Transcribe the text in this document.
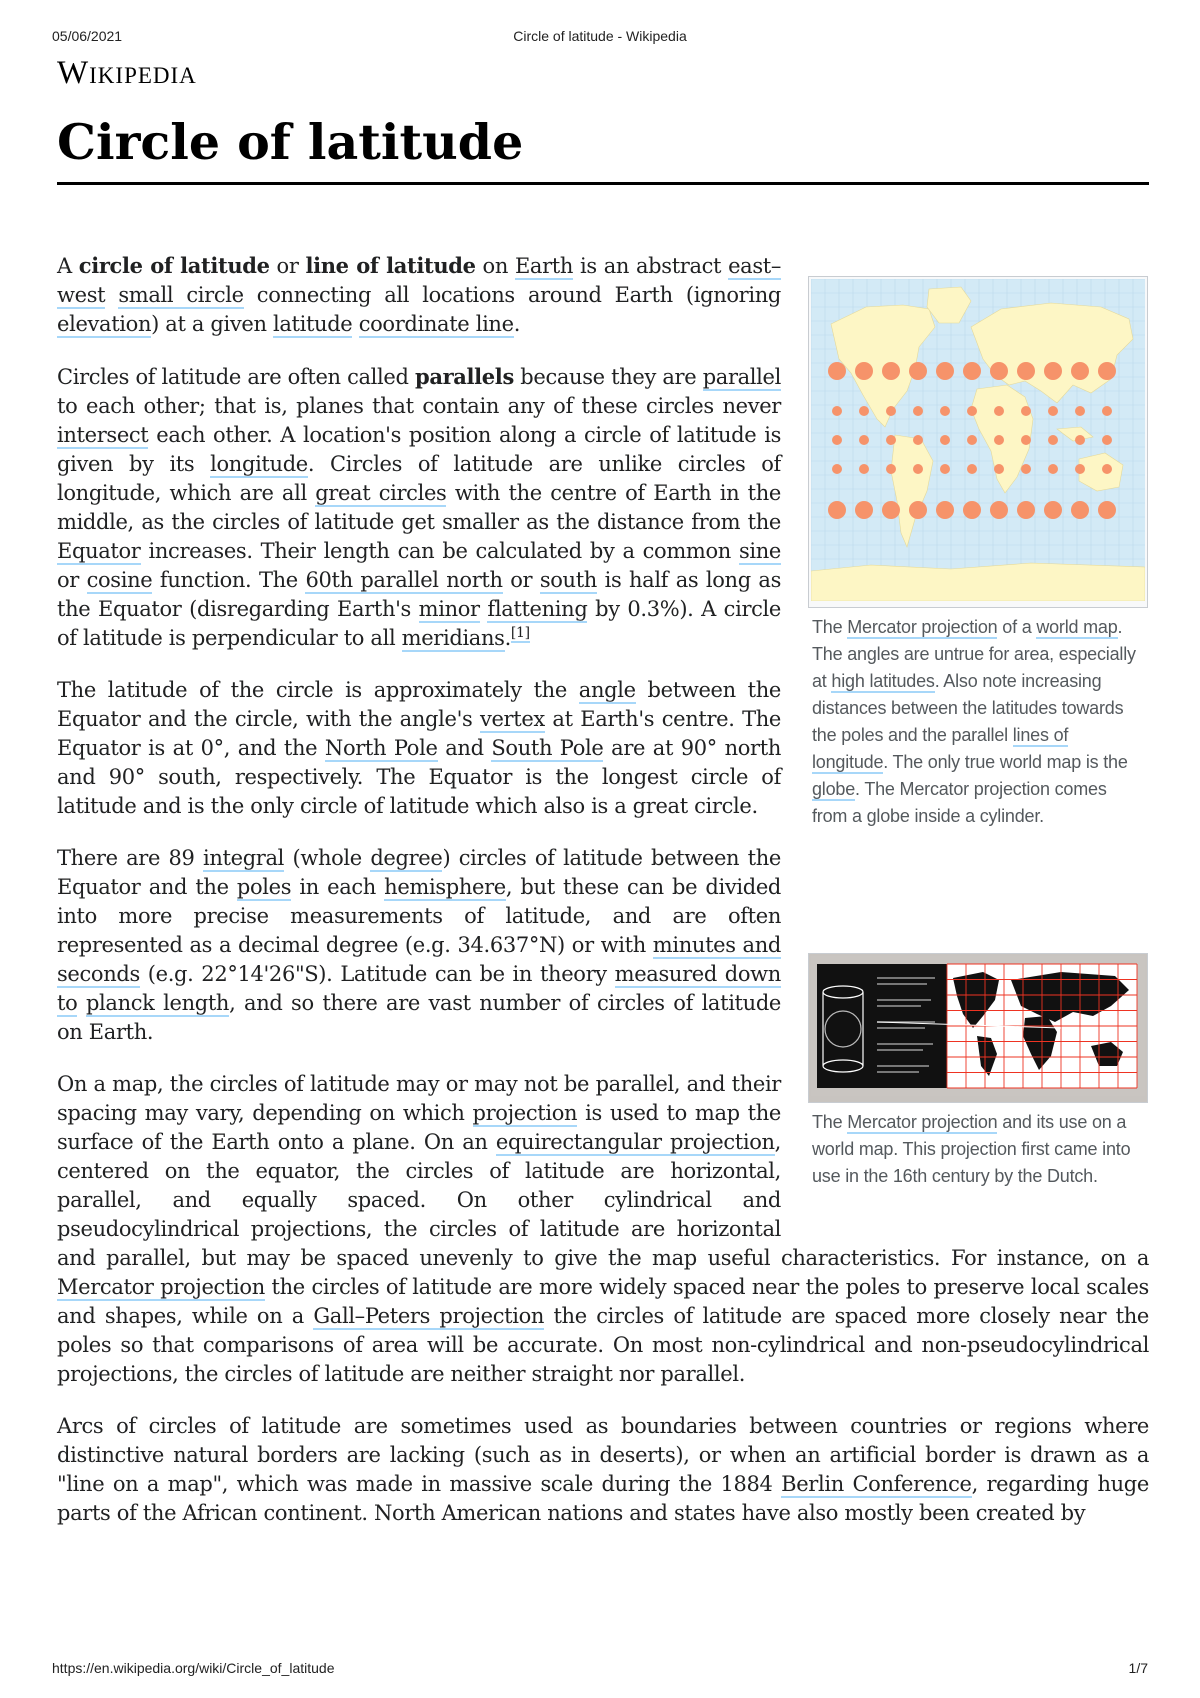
05/06/2021	Circle of latitude - Wikipedia
Wikipedia
Circle of latitude
The Mercator projection of a world map. The angles are untrue for area, especially at high latitudes. Also note increasing distances between the latitudes towards the poles and the parallel lines of longitude. The only true world map is the globe. The Mercator projection comes from a globe inside a cylinder.
The Mercator projection and its use on a world map. This projection first came into use in the 16th century by the Dutch.

A circle of latitude or line of latitude on Earth is an abstract east–west small circle connecting all locations around Earth (ignoring elevation) at a given latitude coordinate line.

Circles of latitude are often called parallels because they are parallel to each other; that is, planes that contain any of these circles never intersect each other. A location's position along a circle of latitude is given by its longitude. Circles of latitude are unlike circles of longitude, which are all great circles with the centre of Earth in the middle, as the circles of latitude get smaller as the distance from the Equator increases. Their length can be calculated by a common sine or cosine function. The 60th parallel north or south is half as long as the Equator (disregarding Earth's minor flattening by 0.3%). A circle of latitude is perpendicular to all meridians.[1]

The latitude of the circle is approximately the angle between the Equator and the circle, with the angle's vertex at Earth's centre. The Equator is at 0°, and the North Pole and South Pole are at 90° north and 90° south, respectively. The Equator is the longest circle of latitude and is the only circle of latitude which also is a great circle.

There are 89 integral (whole degree) circles of latitude between the Equator and the poles in each hemisphere, but these can be divided into more precise measurements of latitude, and are often represented as a decimal degree (e.g. 34.637°N) or with minutes and seconds (e.g. 22°14'26"S). Latitude can be in theory measured down to planck length, and so there are vast number of circles of latitude on Earth.

On a map, the circles of latitude may or may not be parallel, and their spacing may vary, depending on which projection is used to map the surface of the Earth onto a plane. On an equirectangular projection, centered on the equator, the circles of latitude are horizontal, parallel, and equally spaced. On other cylindrical and pseudocylindrical projections, the circles of latitude are horizontal and parallel, but may be spaced unevenly to give the map useful characteristics. For instance, on a Mercator projection the circles of latitude are more widely spaced near the poles to preserve local scales and shapes, while on a Gall–Peters projection the circles of latitude are spaced more closely near the poles so that comparisons of area will be accurate. On most non-cylindrical and non-pseudocylindrical projections, the circles of latitude are neither straight nor parallel.

Arcs of circles of latitude are sometimes used as boundaries between countries or regions where distinctive natural borders are lacking (such as in deserts), or when an artificial border is drawn as a "line on a map", which was made in massive scale during the 1884 Berlin Conference, regarding huge parts of the African continent. North American nations and states have also mostly been created by

https://en.wikipedia.org/wiki/Circle_of_latitude	1/7
